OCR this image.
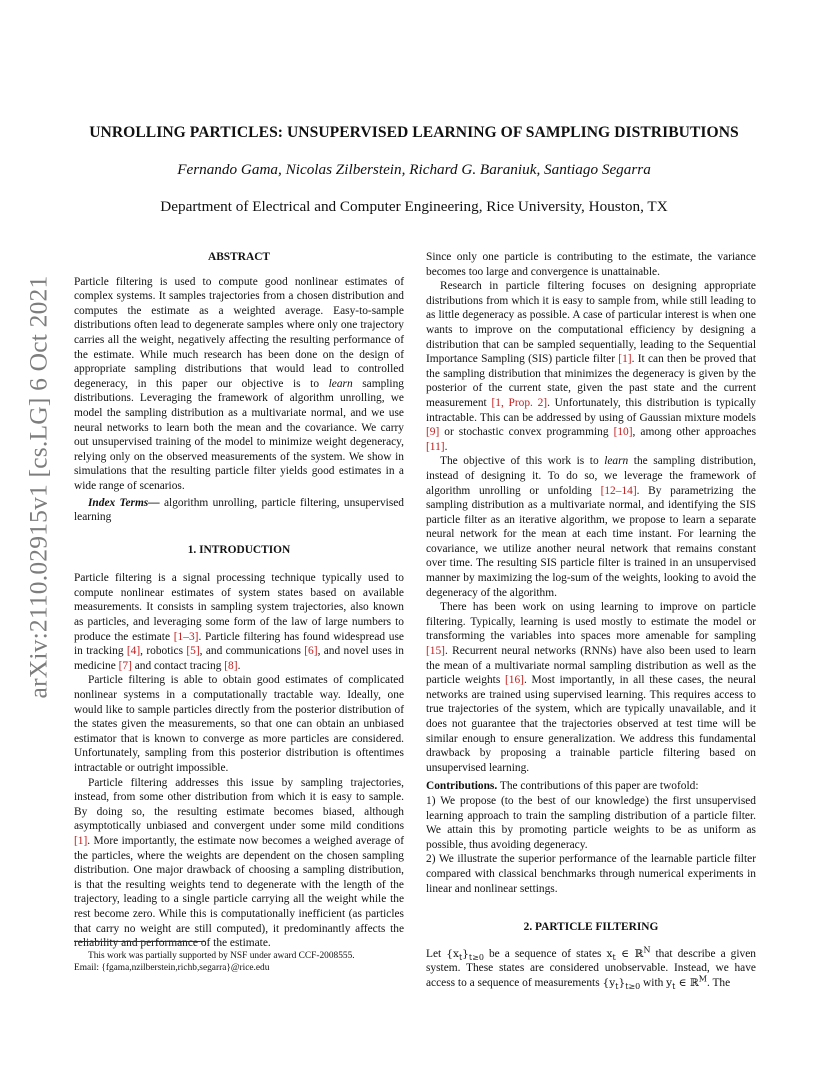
arXiv:2110.02915v1 [cs.LG] 6 Oct 2021
UNROLLING PARTICLES: UNSUPERVISED LEARNING OF SAMPLING DISTRIBUTIONS
Fernando Gama, Nicolas Zilberstein, Richard G. Baraniuk, Santiago Segarra
Department of Electrical and Computer Engineering, Rice University, Houston, TX

ABSTRACT

Particle filtering is used to compute good nonlinear estimates of complex systems. It samples trajectories from a chosen distribution and computes the estimate as a weighted average. Easy-to-sample distributions often lead to degenerate samples where only one trajectory carries all the weight, negatively affecting the resulting performance of the estimate. While much research has been done on the design of appropriate sampling distributions that would lead to controlled degeneracy, in this paper our objective is to learn sampling distributions. Leveraging the framework of algorithm unrolling, we model the sampling distribution as a multivariate normal, and we use neural networks to learn both the mean and the covariance. We carry out unsupervised training of the model to minimize weight degeneracy, relying only on the observed measurements of the system. We show in simulations that the resulting particle filter yields good estimates in a wide range of scenarios.

Index Terms— algorithm unrolling, particle filtering, unsupervised learning

1. INTRODUCTION

Particle filtering is a signal processing technique typically used to compute nonlinear estimates of system states based on available measurements. It consists in sampling system trajectories, also known as particles, and leveraging some form of the law of large numbers to produce the estimate [1–3]. Particle filtering has found widespread use in tracking [4], robotics [5], and communications [6], and novel uses in medicine [7] and contact tracing [8].

Particle filtering is able to obtain good estimates of complicated nonlinear systems in a computationally tractable way. Ideally, one would like to sample particles directly from the posterior distribution of the states given the measurements, so that one can obtain an unbiased estimator that is known to converge as more particles are considered. Unfortunately, sampling from this posterior distribution is oftentimes intractable or outright impossible.

Particle filtering addresses this issue by sampling trajectories, instead, from some other distribution from which it is easy to sample. By doing so, the resulting estimate becomes biased, although asymptotically unbiased and convergent under some mild conditions [1]. More importantly, the estimate now becomes a weighed average of the particles, where the weights are dependent on the chosen sampling distribution. One major drawback of choosing a sampling distribution, is that the resulting weights tend to degenerate with the length of the trajectory, leading to a single particle carrying all the weight while the rest become zero. While this is computationally inefficient (as particles that carry no weight are still computed), it predominantly affects the reliability and performance of the estimate.

This work was partially supported by NSF under award CCF-2008555.
Email: {fgama,nzilberstein,richb,segarra}@rice.edu

Since only one particle is contributing to the estimate, the variance becomes too large and convergence is unattainable.

Research in particle filtering focuses on designing appropriate distributions from which it is easy to sample from, while still leading to as little degeneracy as possible. A case of particular interest is when one wants to improve on the computational efficiency by designing a distribution that can be sampled sequentially, leading to the Sequential Importance Sampling (SIS) particle filter [1]. It can then be proved that the sampling distribution that minimizes the degeneracy is given by the posterior of the current state, given the past state and the current measurement [1, Prop. 2]. Unfortunately, this distribution is typically intractable. This can be addressed by using of Gaussian mixture models [9] or stochastic convex programming [10], among other approaches [11].

The objective of this work is to learn the sampling distribution, instead of designing it. To do so, we leverage the framework of algorithm unrolling or unfolding [12–14]. By parametrizing the sampling distribution as a multivariate normal, and identifying the SIS particle filter as an iterative algorithm, we propose to learn a separate neural network for the mean at each time instant. For learning the covariance, we utilize another neural network that remains constant over time. The resulting SIS particle filter is trained in an unsupervised manner by maximizing the log-sum of the weights, looking to avoid the degeneracy of the algorithm.

There has been work on using learning to improve on particle filtering. Typically, learning is used mostly to estimate the model or transforming the variables into spaces more amenable for sampling [15]. Recurrent neural networks (RNNs) have also been used to learn the mean of a multivariate normal sampling distribution as well as the particle weights [16]. Most importantly, in all these cases, the neural networks are trained using supervised learning. This requires access to true trajectories of the system, which are typically unavailable, and it does not guarantee that the trajectories observed at test time will be similar enough to ensure generalization. We address this fundamental drawback by proposing a trainable particle filtering based on unsupervised learning.

Contributions. The contributions of this paper are twofold:

1) We propose (to the best of our knowledge) the first unsupervised learning approach to train the sampling distribution of a particle filter. We attain this by promoting particle weights to be as uniform as possible, thus avoiding degeneracy.

2) We illustrate the superior performance of the learnable particle filter compared with classical benchmarks through numerical experiments in linear and nonlinear settings.

2. PARTICLE FILTERING

Let $\{x_t\}_{t\ge 0}$ be a sequence of states $x_t$ ∈ ℝ$^N$ that describe a given system. These states are considered unobservable. Instead, we have access to a sequence of measurements $\{y_t\}_{t\ge 0}$ with $y_t$ ∈ ℝ$^M$. The
